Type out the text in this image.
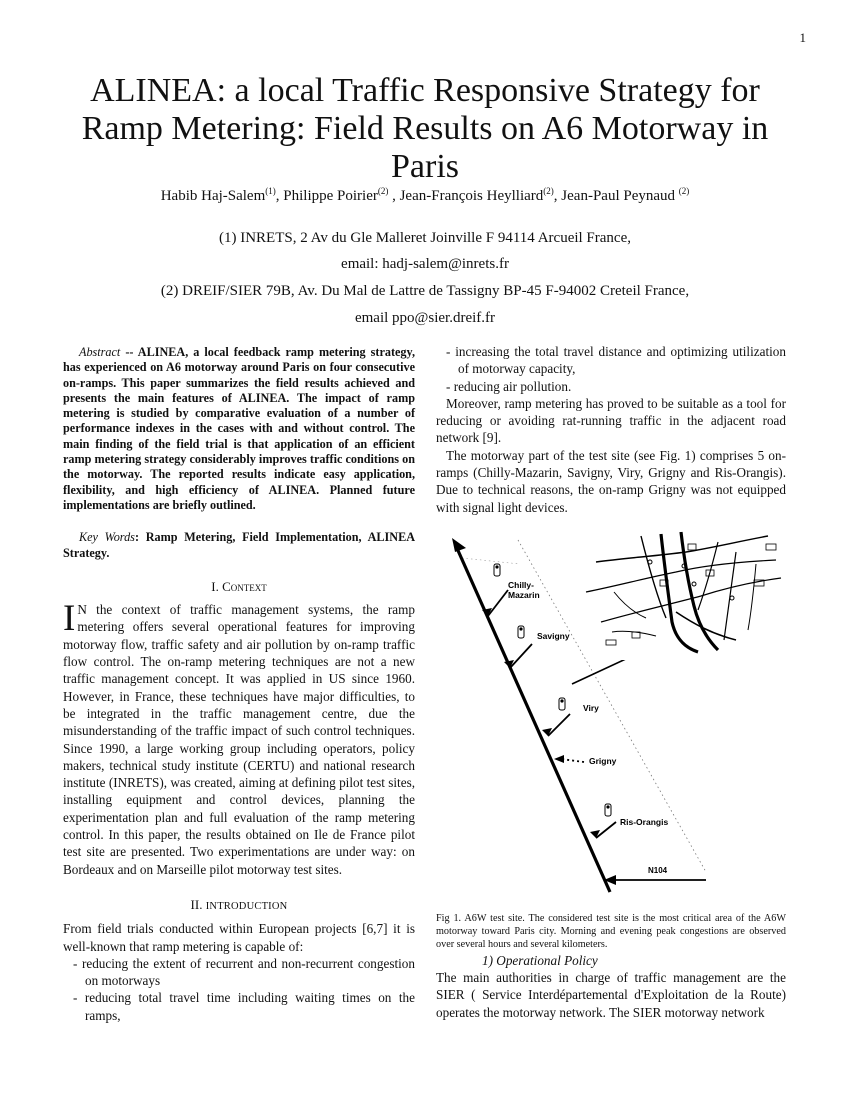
1
ALINEA: a local Traffic Responsive Strategy for Ramp Metering: Field Results on A6 Motorway in Paris
Habib Haj-Salem$^{(1)}$, Philippe Poirier$^{(2)}$ , Jean-François Heylliard$^{(2)}$, Jean-Paul Peynaud $^{(2)}$
(1) INRETS, 2 Av du Gle Malleret Joinville F 94114 Arcueil France,
email: hadj-salem@inrets.fr
(2) DREIF/SIER 79B, Av. Du Mal de Lattre de Tassigny BP-45 F-94002 Creteil France,
email ppo@sier.dreif.fr

Abstract -- ALINEA, a local feedback ramp metering strategy, has experienced on A6 motorway around Paris on four consecutive on-ramps. This paper summarizes the field results achieved and presents the main features of ALINEA. The impact of ramp metering is studied by comparative evaluation of a number of performance indexes in the cases with and without control. The main finding of the field trial is that application of an efficient ramp metering strategy considerably improves traffic conditions on the motorway. The reported results indicate easy application, flexibility, and high efficiency of ALINEA. Planned future implementations are briefly outlined.

Key Words: Ramp Metering, Field Implementation, ALINEA Strategy.

I. Context

I N the context of traffic management systems, the ramp metering offers several operational features for improving motorway flow, traffic safety and air pollution by on-ramp traffic flow control. The on-ramp metering techniques are not a new traffic management concept. It was applied in US since 1960. However, in France, these techniques have major difficulties, to be integrated in the traffic management centre, due the misunderstanding of the traffic impact of such control techniques. Since 1990, a large working group including operators, policy makers, technical study institute (CERTU) and national research institute (INRETS), was created, aiming at defining pilot test sites, installing equipment and control devices, planning the experimentation plan and full evaluation of the ramp metering control. In this paper, the results obtained on Ile de France pilot test site are presented. Two experimentations are under way: on Bordeaux and on Marseille pilot motorway test sites.

II. INTRODUCTION

From field trials conducted within European projects [6,7] it is well-known that ramp metering is capable of:

- reducing the extent of recurrent and non-recurrent congestion on motorways
- reducing total travel time including waiting times on the ramps,
- increasing the total travel distance and optimizing utilization of motorway capacity,
- reducing air pollution.

Moreover, ramp metering has proved to be suitable as a tool for reducing or avoiding rat-running traffic in the adjacent road network [9].

The motorway part of the test site (see Fig. 1) comprises 5 on-ramps (Chilly-Mazarin, Savigny, Viry, Grigny and Ris-Orangis). Due to technical reasons, the on-ramp Grigny was not equipped with signal light devices.

Chilly-
Mazarin
Savigny
Viry
Grigny
Ris-Orangis
N104

Fig 1. A6W test site. The considered test site is the most critical area of the A6W motorway toward Paris city. Morning and evening peak congestions are observed over several hours and several kilometers.

1) Operational Policy

The main authorities in charge of traffic management are the SIER ( Service Interdépartemental d'Exploitation de la Route) operates the motorway network. The SIER motorway network
